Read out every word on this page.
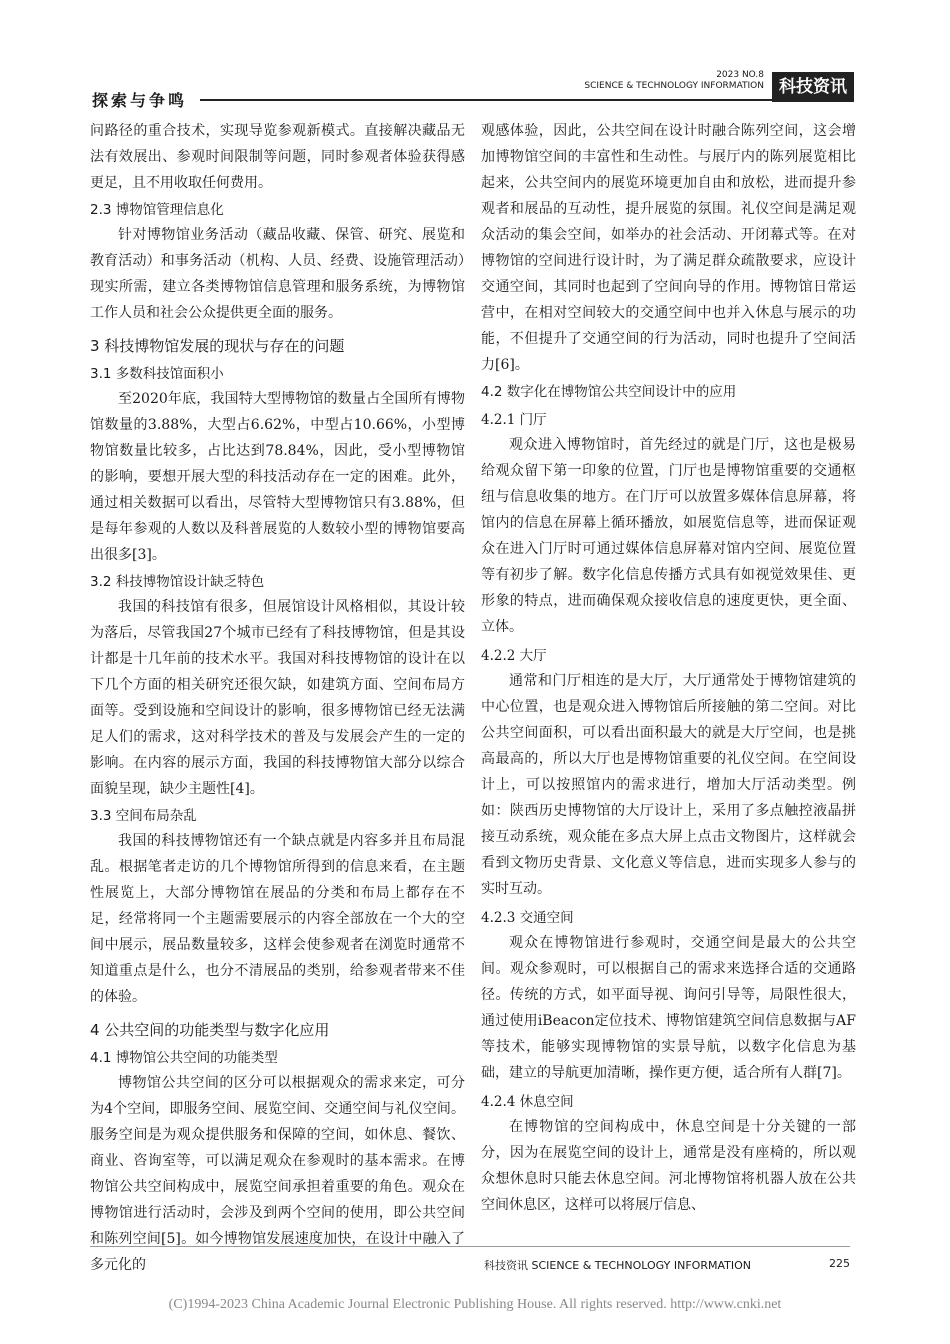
探索与争鸣
2023 NO.8
SCIENCE & TECHNOLOGY INFORMATION 科技资讯

问路径的重合技术，实现导览参观新模式。直接解决藏品无法有效展出、参观时间限制等问题，同时参观者体验获得感更足，且不用收取任何费用。

2.3 博物馆管理信息化

针对博物馆业务活动（藏品收藏、保管、研究、展览和教育活动）和事务活动（机构、人员、经费、设施管理活动）现实所需，建立各类博物馆信息管理和服务系统，为博物馆工作人员和社会公众提供更全面的服务。

3 科技博物馆发展的现状与存在的问题
3.1 多数科技馆面积小

至2020年底，我国特大型博物馆的数量占全国所有博物馆数量的3.88%，大型占6.62%，中型占10.66%，小型博物馆数量比较多，占比达到78.84%，因此，受小型博物馆的影响，要想开展大型的科技活动存在一定的困难。此外，通过相关数据可以看出，尽管特大型博物馆只有3.88%，但是每年参观的人数以及科普展览的人数较小型的博物馆要高出很多[3]。

3.2 科技博物馆设计缺乏特色

我国的科技馆有很多，但展馆设计风格相似，其设计较为落后，尽管我国27个城市已经有了科技博物馆，但是其设计都是十几年前的技术水平。我国对科技博物馆的设计在以下几个方面的相关研究还很欠缺，如建筑方面、空间布局方面等。受到设施和空间设计的影响，很多博物馆已经无法满足人们的需求，这对科学技术的普及与发展会产生的一定的影响。在内容的展示方面，我国的科技博物馆大部分以综合面貌呈现，缺少主题性[4]。

3.3 空间布局杂乱

我国的科技博物馆还有一个缺点就是内容多并且布局混乱。根据笔者走访的几个博物馆所得到的信息来看，在主题性展览上，大部分博物馆在展品的分类和布局上都存在不足，经常将同一个主题需要展示的内容全部放在一个大的空间中展示，展品数量较多，这样会使参观者在浏览时通常不知道重点是什么，也分不清展品的类别，给参观者带来不佳的体验。

4 公共空间的功能类型与数字化应用
4.1 博物馆公共空间的功能类型

博物馆公共空间的区分可以根据观众的需求来定，可分为4个空间，即服务空间、展览空间、交通空间与礼仪空间。服务空间是为观众提供服务和保障的空间，如休息、餐饮、商业、咨询室等，可以满足观众在参观时的基本需求。在博物馆公共空间构成中，展览空间承担着重要的角色。观众在博物馆进行活动时，会涉及到两个空间的使用，即公共空间和陈列空间[5]。如今博物馆发展速度加快，在设计中融入了多元化的

观感体验，因此，公共空间在设计时融合陈列空间，这会增加博物馆空间的丰富性和生动性。与展厅内的陈列展览相比起来，公共空间内的展览环境更加自由和放松，进而提升参观者和展品的互动性，提升展览的氛围。礼仪空间是满足观众活动的集会空间，如举办的社会活动、开闭幕式等。在对博物馆的空间进行设计时，为了满足群众疏散要求，应设计交通空间，其同时也起到了空间向导的作用。博物馆日常运营中，在相对空间较大的交通空间中也并入休息与展示的功能，不但提升了交通空间的行为活动，同时也提升了空间活力[6]。

4.2 数字化在博物馆公共空间设计中的应用
4.2.1 门厅

观众进入博物馆时，首先经过的就是门厅，这也是极易给观众留下第一印象的位置，门厅也是博物馆重要的交通枢纽与信息收集的地方。在门厅可以放置多媒体信息屏幕，将馆内的信息在屏幕上循环播放，如展览信息等，进而保证观众在进入门厅时可通过媒体信息屏幕对馆内空间、展览位置等有初步了解。数字化信息传播方式具有如视觉效果佳、更形象的特点，进而确保观众接收信息的速度更快，更全面、立体。

4.2.2 大厅

通常和门厅相连的是大厅，大厅通常处于博物馆建筑的中心位置，也是观众进入博物馆后所接触的第二空间。对比公共空间面积，可以看出面积最大的就是大厅空间，也是挑高最高的，所以大厅也是博物馆重要的礼仪空间。在空间设计上，可以按照馆内的需求进行，增加大厅活动类型。例如：陕西历史博物馆的大厅设计上，采用了多点触控液晶拼接互动系统，观众能在多点大屏上点击文物图片，这样就会看到文物历史背景、文化意义等信息，进而实现多人参与的实时互动。

4.2.3 交通空间

观众在博物馆进行参观时，交通空间是最大的公共空间。观众参观时，可以根据自己的需求来选择合适的交通路径。传统的方式，如平面导视、询问引导等，局限性很大，通过使用iBeacon定位技术、博物馆建筑空间信息数据与AF等技术，能够实现博物馆的实景导航，以数字化信息为基础，建立的导航更加清晰，操作更方便，适合所有人群[7]。

4.2.4 休息空间

在博物馆的空间构成中，休息空间是十分关键的一部分，因为在展览空间的设计上，通常是没有座椅的，所以观众想休息时只能去休息空间。河北博物馆将机器人放在公共空间休息区，这样可以将展厅信息、

科技资讯 SCIENCE & TECHNOLOGY INFORMATION	225
(C)1994-2023 China Academic Journal Electronic Publishing House. All rights reserved. http://www.cnki.net
